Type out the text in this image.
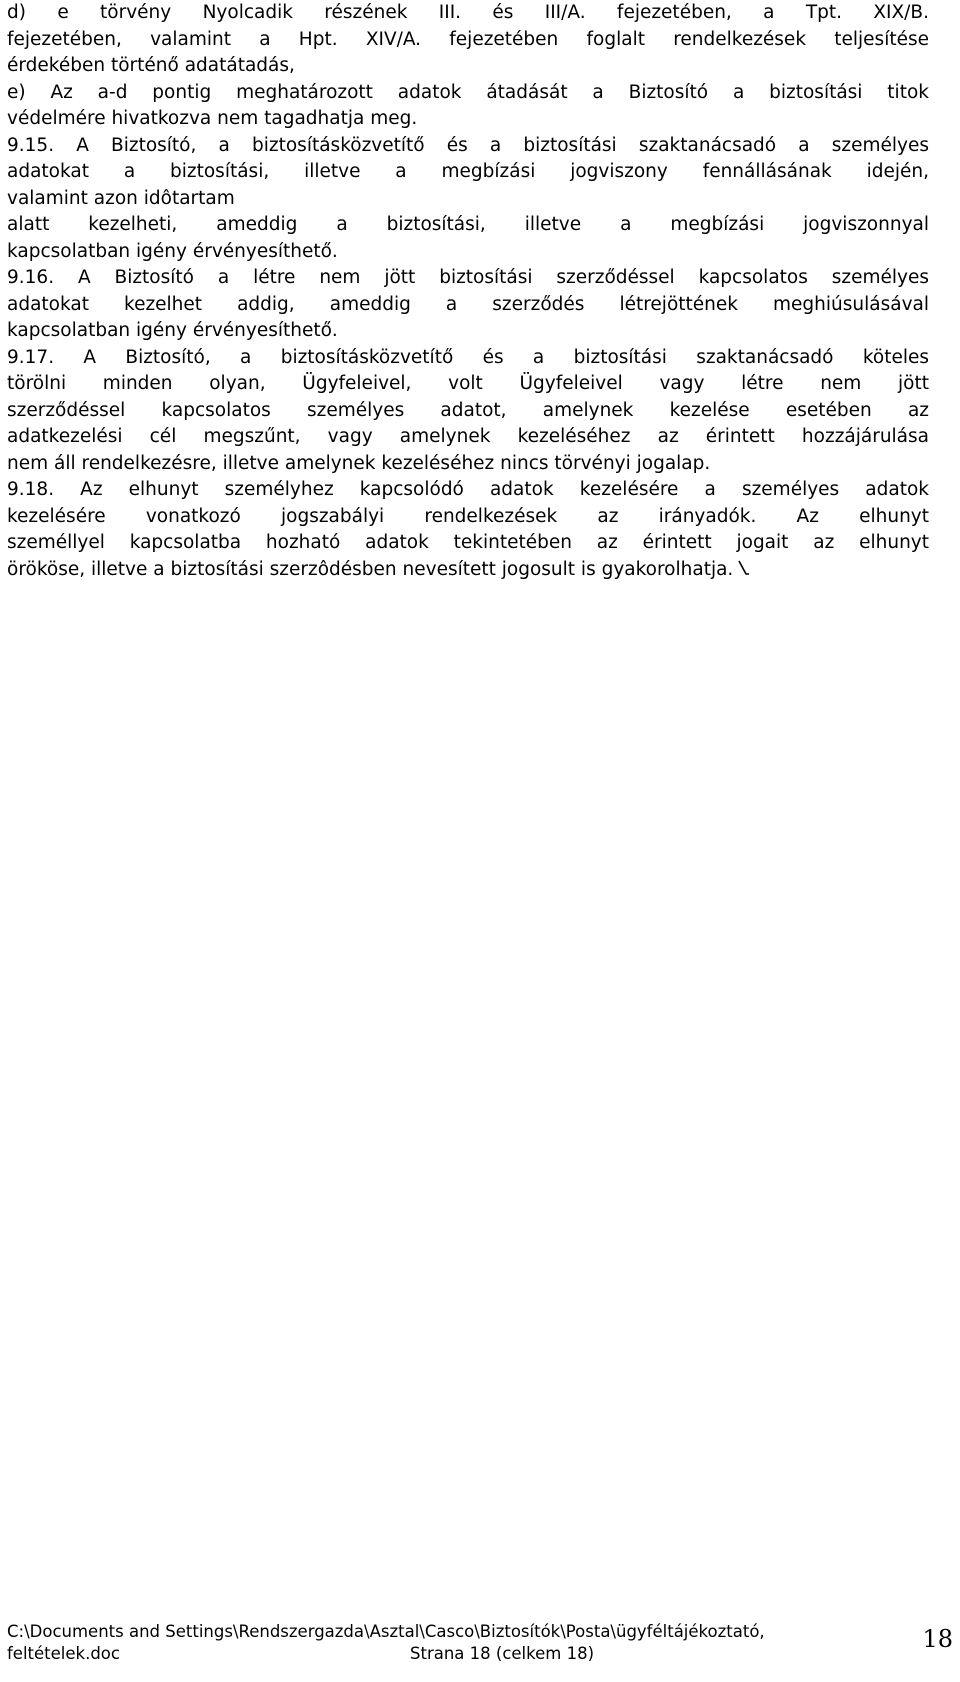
d) e törvény Nyolcadik részének III. és III/A. fejezetében, a Tpt. XIX/B.
fejezetében, valamint a Hpt. XIV/A. fejezetében foglalt rendelkezések teljesítése
érdekében történő adatátadás,
e) Az a-d pontig meghatározott adatok átadását a Biztosító a biztosítási titok
védelmére hivatkozva nem tagadhatja meg.
9.15. A Biztosító, a biztosításközvetítő és a biztosítási szaktanácsadó a személyes
adatokat a biztosítási, illetve a megbízási jogviszony fennállásának idején,
valamint azon idôtartam
alatt kezelheti, ameddig a biztosítási, illetve a megbízási jogviszonnyal
kapcsolatban igény érvényesíthető.
9.16. A Biztosító a létre nem jött biztosítási szerződéssel kapcsolatos személyes
adatokat kezelhet addig, ameddig a szerződés létrejöttének meghiúsulásával
kapcsolatban igény érvényesíthető.
9.17. A Biztosító, a biztosításközvetítő és a biztosítási szaktanácsadó köteles
törölni minden olyan, Ügyfeleivel, volt Ügyfeleivel vagy létre nem jött
szerződéssel kapcsolatos személyes adatot, amelynek kezelése esetében az
adatkezelési cél megszűnt, vagy amelynek kezeléséhez az érintett hozzájárulása
nem áll rendelkezésre, illetve amelynek kezeléséhez nincs törvényi jogalap.
9.18. Az elhunyt személyhez kapcsolódó adatok kezelésére a személyes adatok
kezelésére vonatkozó jogszabályi rendelkezések az irányadók. Az elhunyt
személlyel kapcsolatba hozható adatok tekintetében az érintett jogait az elhunyt
örököse, illetve a biztosítási szerzôdésben nevesített jogosult is gyakorolhatja.
C:\Documents and Settings\Rendszergazda\Asztal\Casco\Biztosítók\Posta\ügyféltájékoztató,
feltételek.doc	Strana 18 (celkem 18)
18
